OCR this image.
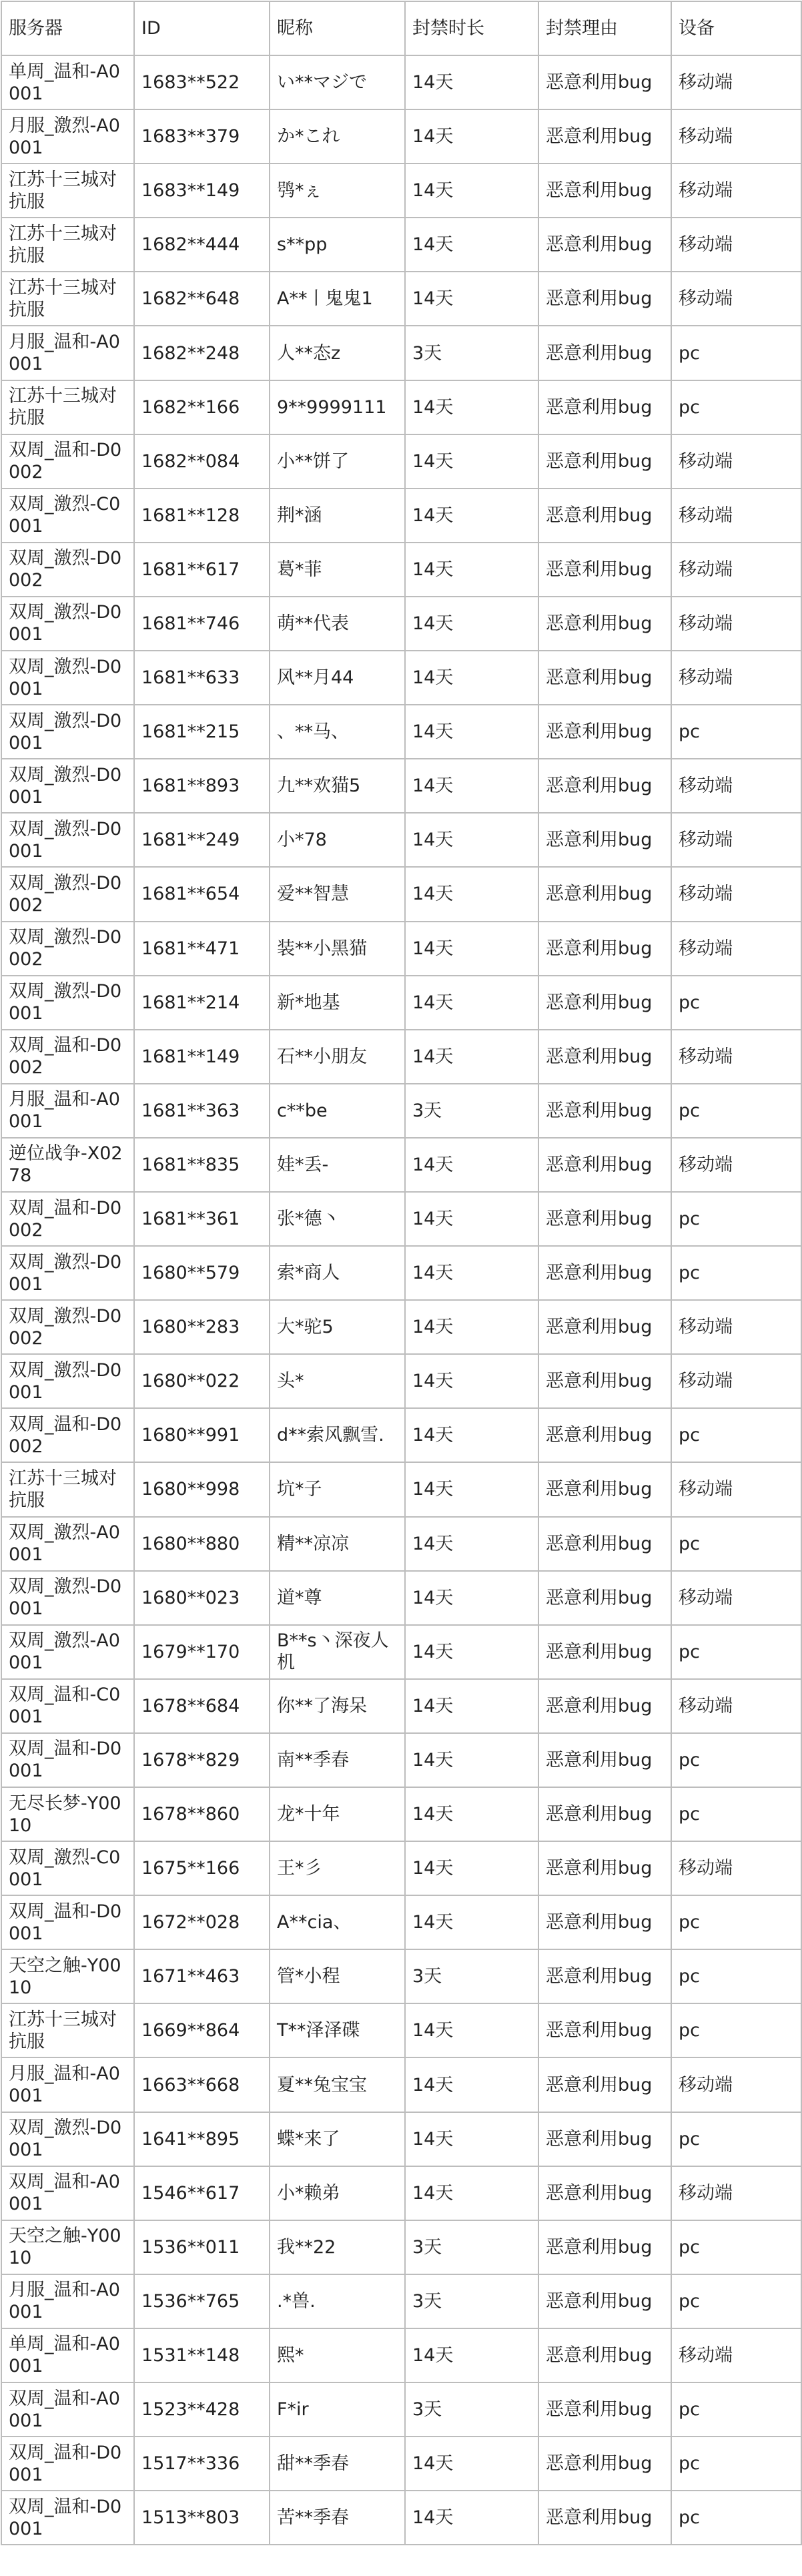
服务器	ID	昵称	封禁时长	封禁理由	设备
单周_温和-A0001	1683**522	い**マジで	14天	恶意利用bug	移动端
月服_激烈-A0001	1683**379	か*これ	14天	恶意利用bug	移动端
江苏十三城对抗服	1683**149	鸮*ぇ	14天	恶意利用bug	移动端
江苏十三城对抗服	1682**444	s**pp	14天	恶意利用bug	移动端
江苏十三城对抗服	1682**648	A**丨鬼鬼1	14天	恶意利用bug	移动端
月服_温和-A0001	1682**248	人**态z	3天	恶意利用bug	pc
江苏十三城对抗服	1682**166	9**9999111	14天	恶意利用bug	pc
双周_温和-D0002	1682**084	小**饼了	14天	恶意利用bug	移动端
双周_激烈-C0001	1681**128	荆*涵	14天	恶意利用bug	移动端
双周_激烈-D0002	1681**617	葛*菲	14天	恶意利用bug	移动端
双周_激烈-D0001	1681**746	萌**代表	14天	恶意利用bug	移动端
双周_激烈-D0001	1681**633	风**月44	14天	恶意利用bug	移动端
双周_激烈-D0001	1681**215	、**马、	14天	恶意利用bug	pc
双周_激烈-D0001	1681**893	九**欢猫5	14天	恶意利用bug	移动端
双周_激烈-D0001	1681**249	小*78	14天	恶意利用bug	移动端
双周_激烈-D0002	1681**654	爱**智慧	14天	恶意利用bug	移动端
双周_激烈-D0002	1681**471	装**小黑猫	14天	恶意利用bug	移动端
双周_激烈-D0001	1681**214	新*地基	14天	恶意利用bug	pc
双周_温和-D0002	1681**149	石**小朋友	14天	恶意利用bug	移动端
月服_温和-A0001	1681**363	c**be	3天	恶意利用bug	pc
逆位战争-X0278	1681**835	娃*丢-	14天	恶意利用bug	移动端
双周_温和-D0002	1681**361	张*德丶	14天	恶意利用bug	pc
双周_激烈-D0001	1680**579	索*商人	14天	恶意利用bug	pc
双周_激烈-D0002	1680**283	大*驼5	14天	恶意利用bug	移动端
双周_激烈-D0001	1680**022	头*	14天	恶意利用bug	移动端
双周_温和-D0002	1680**991	d**索风飘雪.	14天	恶意利用bug	pc
江苏十三城对抗服	1680**998	坑*子	14天	恶意利用bug	移动端
双周_激烈-A0001	1680**880	精**凉凉	14天	恶意利用bug	pc
双周_激烈-D0001	1680**023	道*尊	14天	恶意利用bug	移动端
双周_激烈-A0001	1679**170	B**s丶深夜人机	14天	恶意利用bug	pc
双周_温和-C0001	1678**684	你**了海呆	14天	恶意利用bug	移动端
双周_温和-D0001	1678**829	南**季春	14天	恶意利用bug	pc
无尽长梦-Y0010	1678**860	龙*十年	14天	恶意利用bug	pc
双周_激烈-C0001	1675**166	王*彡	14天	恶意利用bug	移动端
双周_温和-D0001	1672**028	A**cia、	14天	恶意利用bug	pc
天空之触-Y0010	1671**463	管*小程	3天	恶意利用bug	pc
江苏十三城对抗服	1669**864	T**泽泽碟	14天	恶意利用bug	pc
月服_温和-A0001	1663**668	夏**兔宝宝	14天	恶意利用bug	移动端
双周_激烈-D0001	1641**895	蝶*来了	14天	恶意利用bug	pc
双周_温和-A0001	1546**617	小*赖弟	14天	恶意利用bug	移动端
天空之触-Y0010	1536**011	我**22	3天	恶意利用bug	pc
月服_温和-A0001	1536**765	.*兽.	3天	恶意利用bug	pc
单周_温和-A0001	1531**148	熙*	14天	恶意利用bug	移动端
双周_温和-A0001	1523**428	F*ir	3天	恶意利用bug	pc
双周_温和-D0001	1517**336	甜**季春	14天	恶意利用bug	pc
双周_温和-D0001	1513**803	苦**季春	14天	恶意利用bug	pc
